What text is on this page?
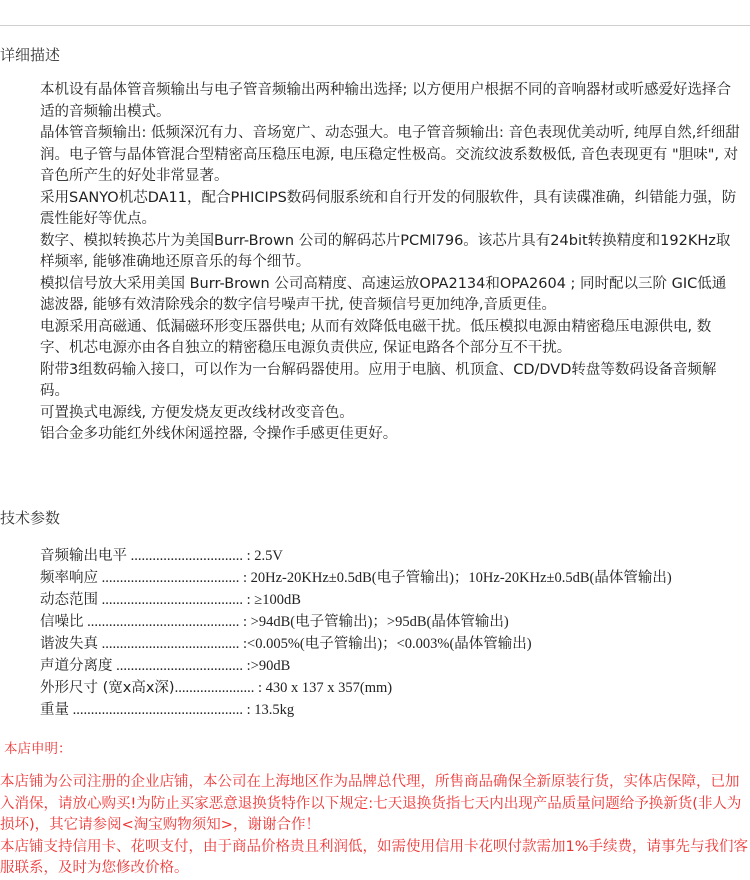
详细描述

本机设有晶体管音频输出与电子管音频输出两种输出选择; 以方便用户根据不同的音响器材或听感爱好选择合适的音频输出模式。

晶体管音频输出: 低频深沉有力、音场宽广、动态强大。电子管音频输出: 音色表现优美动听, 纯厚自然,纤细甜润。电子管与晶体管混合型精密高压稳压电源, 电压稳定性极高。交流纹波系数极低, 音色表现更有 "胆味", 对音色所产生的好处非常显著。

采用SANYO机芯DA11，配合PHICIPS数码伺服系统和自行开发的伺服软件，具有读碟准确，纠错能力强，防震性能好等优点。

数字、模拟转换芯片为美国Burr-Brown 公司的解码芯片PCMl796。该芯片具有24bit转换精度和192KHz取样频率, 能够准确地还原音乐的每个细节。

模拟信号放大采用美国 Burr-Brown 公司高精度、高速运放OPA2134和OPA2604 ; 同时配以三阶 GIC低通滤波器, 能够有效清除残余的数字信号噪声干扰, 使音频信号更加纯净,音质更佳。

电源采用高磁通、低漏磁环形变压器供电; 从而有效降低电磁干扰。低压模拟电源由精密稳压电源供电, 数字、机芯电源亦由各自独立的精密稳压电源负责供应, 保证电路各个部分互不干扰。

附带3组数码输入接口，可以作为一台解码器使用。应用于电脑、机顶盒、CD/DVD转盘等数码设备音频解码。

可置换式电源线, 方便发烧友更改线材改变音色。

铝合金多功能红外线休闲遥控器, 令操作手感更佳更好。

技术参数
音频输出电平 ............................... : 2.5V
频率响应 ...................................... : 20Hz-20KHz±0.5dB(电子管输出)；10Hz-20KHz±0.5dB(晶体管输出)
动态范围 ....................................... : ≥100dB
信噪比 .......................................... : >94dB(电子管输出)；>95dB(晶体管输出)
谐波失真 ...................................... :<0.005%(电子管输出)；<0.003%(晶体管输出)
声道分离度 ................................... :>90dB
外形尺寸 (宽x高x深)...................... : 430 x 137 x 357(mm)
重量 ............................................... : 13.5kg
本店申明：

本店铺为公司注册的企业店铺，本公司在上海地区作为品牌总代理，所售商品确保全新原装行货，实体店保障，已加入消保，请放心购买!为防止买家恶意退换货特作以下规定:七天退换货指七天内出现产品质量问题给予换新货(非人为损坏)，其它请参阅<淘宝购物须知>，谢谢合作！

本店铺支持信用卡、花呗支付，由于商品价格贵且利润低，如需使用信用卡花呗付款需加1%手续费，请事先与我们客服联系，及时为您修改价格。
